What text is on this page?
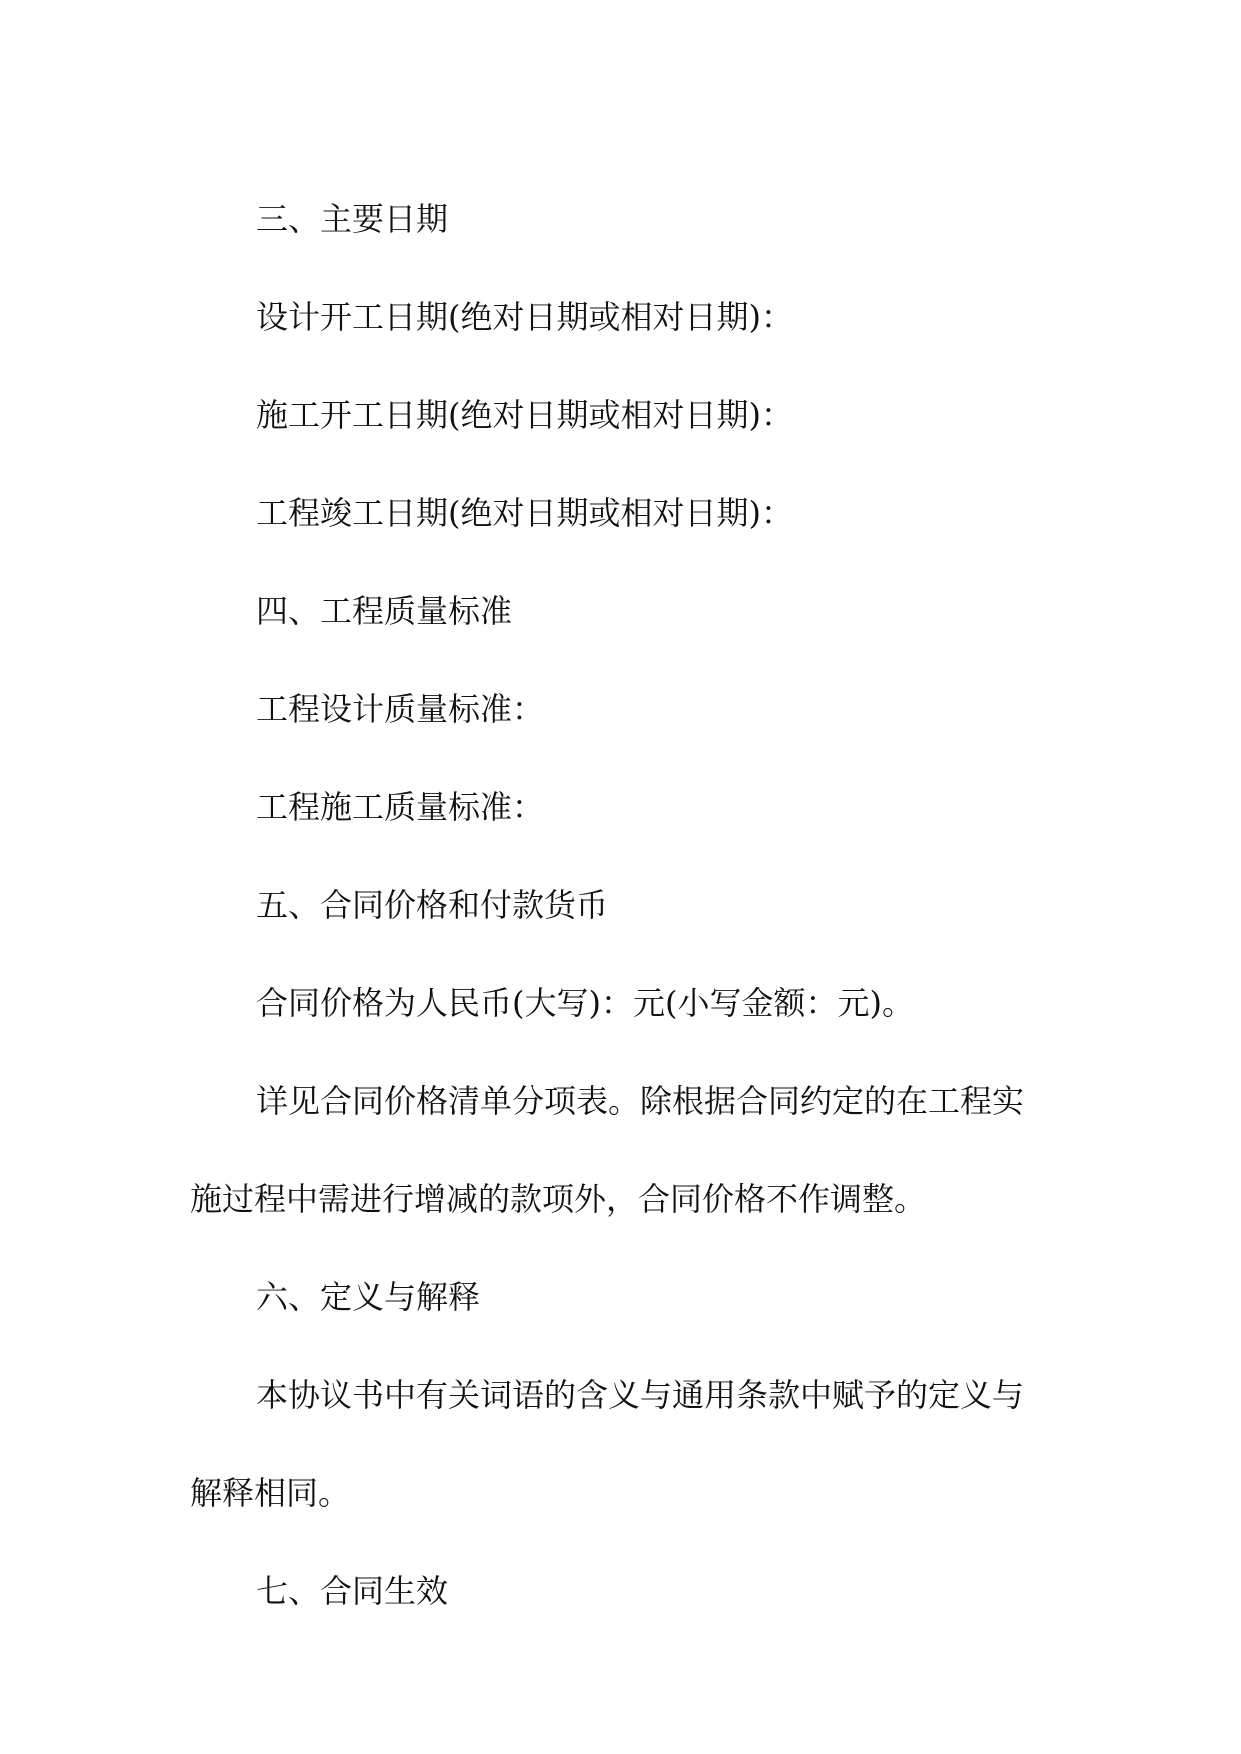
三、主要日期

设计开工日期(绝对日期或相对日期)：

施工开工日期(绝对日期或相对日期)：

工程竣工日期(绝对日期或相对日期)：

四、工程质量标准

工程设计质量标准：

工程施工质量标准：

五、合同价格和付款货币

合同价格为人民币(大写)：元(小写金额：元)。

详见合同价格清单分项表。除根据合同约定的在工程实施过程中需进行增减的款项外，合同价格不作调整。

六、定义与解释

本协议书中有关词语的含义与通用条款中赋予的定义与解释相同。

七、合同生效
